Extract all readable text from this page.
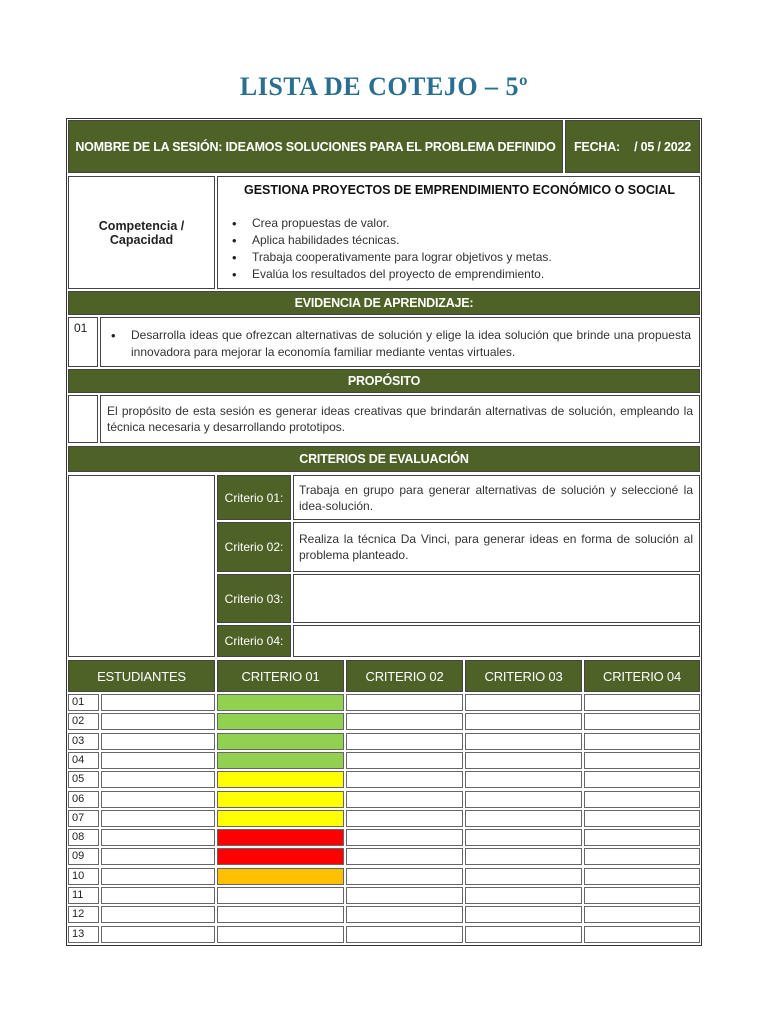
LISTA DE COTEJO – 5º
NOMBRE DE LA SESIÓN: IDEAMOS SOLUCIONES PARA EL PROBLEMA DEFINIDO FECHA: / 05 / 2022
Competencia / Capacidad
GESTIONA PROYECTOS DE EMPRENDIMIENTO ECONÓMICO O SOCIAL
• Crea propuestas de valor.
• Aplica habilidades técnicas.
• Trabaja cooperativamente para lograr objetivos y metas.
• Evalúa los resultados del proyecto de emprendimiento.
EVIDENCIA DE APRENDIZAJE:
01
•	Desarrolla ideas que ofrezcan alternativas de solución y elige la idea solución que brinde una propuesta innovadora para mejorar la economía familiar mediante ventas virtuales.
PROPÓSITO
El propósito de esta sesión es generar ideas creativas que brindarán alternativas de solución, empleando la técnica necesaria y desarrollando prototipos.
CRITERIOS DE EVALUACIÓN
Criterio 01:
Trabaja en grupo para generar alternativas de solución y seleccioné la idea-solución.
Criterio 02:
Realiza la técnica Da Vinci, para generar ideas en forma de solución al problema planteado.
Criterio 03:
Criterio 04:
ESTUDIANTES	CRITERIO 01	CRITERIO 02	CRITERIO 03	CRITERIO 04
01
02
03
04
05
06
07
08
09
10
11
12
13
